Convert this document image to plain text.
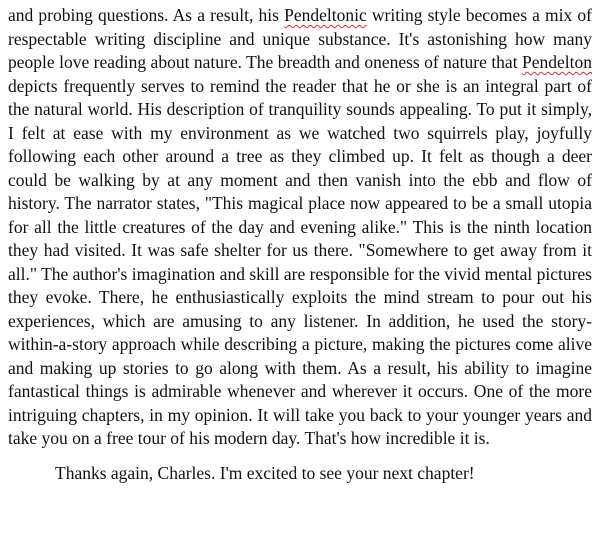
and probing questions. As a result, his Pendeltonic writing style becomes a mix of respectable writing discipline and unique substance. It's astonishing how many people love reading about nature. The breadth and oneness of nature that Pendelton depicts frequently serves to remind the reader that he or she is an integral part of the natural world. His description of tranquility sounds appealing. To put it simply, I felt at ease with my environment as we watched two squirrels play, joyfully following each other around a tree as they climbed up. It felt as though a deer could be walking by at any moment and then vanish into the ebb and flow of history. The narrator states, "This magical place now appeared to be a small utopia for all the little creatures of the day and evening alike." This is the ninth location they had visited. It was safe shelter for us there. "Somewhere to get away from it all." The author's imagination and skill are responsible for the vivid mental pictures they evoke. There, he enthusiastically exploits the mind stream to pour out his experiences, which are amusing to any listener. In addition, he used the story-within-a-story approach while describing a picture, making the pictures come alive and making up stories to go along with them. As a result, his ability to imagine fantastical things is admirable whenever and wherever it occurs. One of the more intriguing chapters, in my opinion. It will take you back to your younger years and take you on a free tour of his modern day. That's how incredible it is.

Thanks again, Charles. I'm excited to see your next chapter!
